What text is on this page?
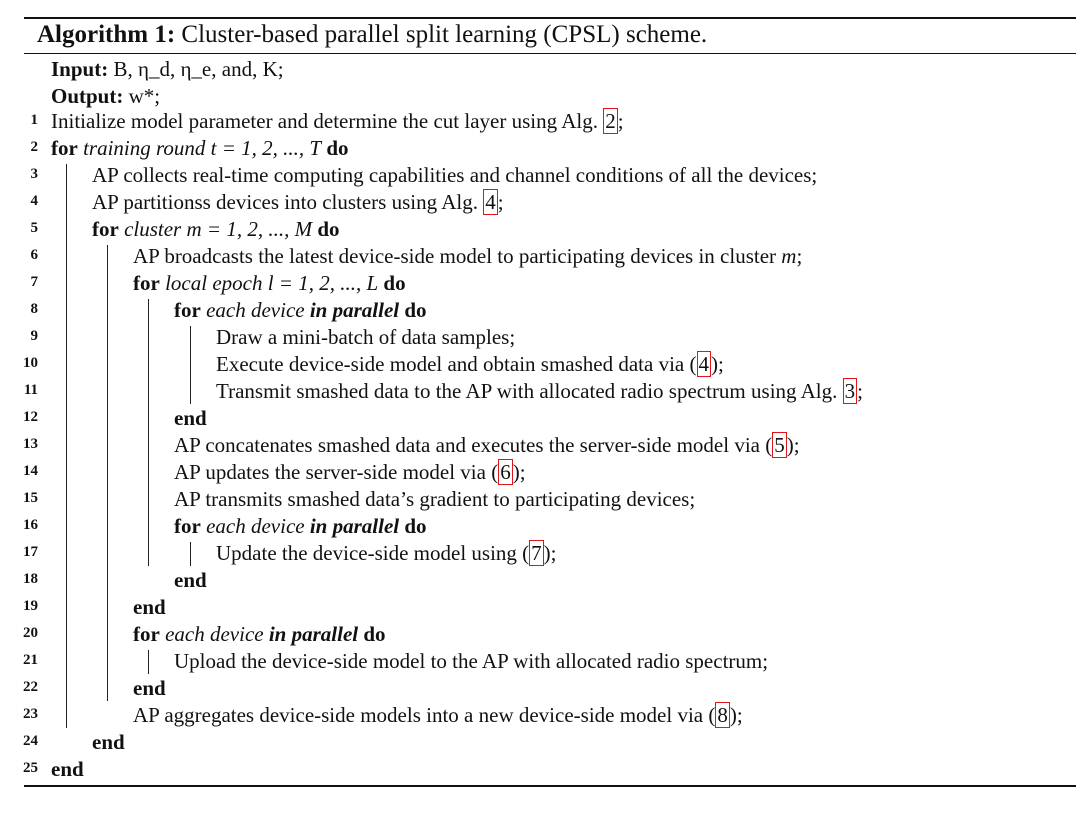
Algorithm 1: Cluster-based parallel split learning (CPSL) scheme.
Input: B, η_d, η_e, and, K;
Output: w*;
1 Initialize model parameter and determine the cut layer using Alg. 2;
2 for training round t = 1, 2, ..., T do
3	AP collects real-time computing capabilities and channel conditions of all the devices;
4	AP partitionss devices into clusters using Alg. 4;
5	for cluster m = 1, 2, ..., M do
6	AP broadcasts the latest device-side model to participating devices in cluster m;
7	for local epoch l = 1, 2, ..., L do
8	for each device in parallel do
9	Draw a mini-batch of data samples;
10	Execute device-side model and obtain smashed data via (4);
11	Transmit smashed data to the AP with allocated radio spectrum using Alg. 3;
12	end
13	AP concatenates smashed data and executes the server-side model via (5);
14	AP updates the server-side model via (6);
15	AP transmits smashed data’s gradient to participating devices;
16	for each device in parallel do
17	Update the device-side model using (7);
18	end
19	end
20	for each device in parallel do
21	Upload the device-side model to the AP with allocated radio spectrum;
22	end
23	AP aggregates device-side models into a new device-side model via (8);
24	end
25 end
